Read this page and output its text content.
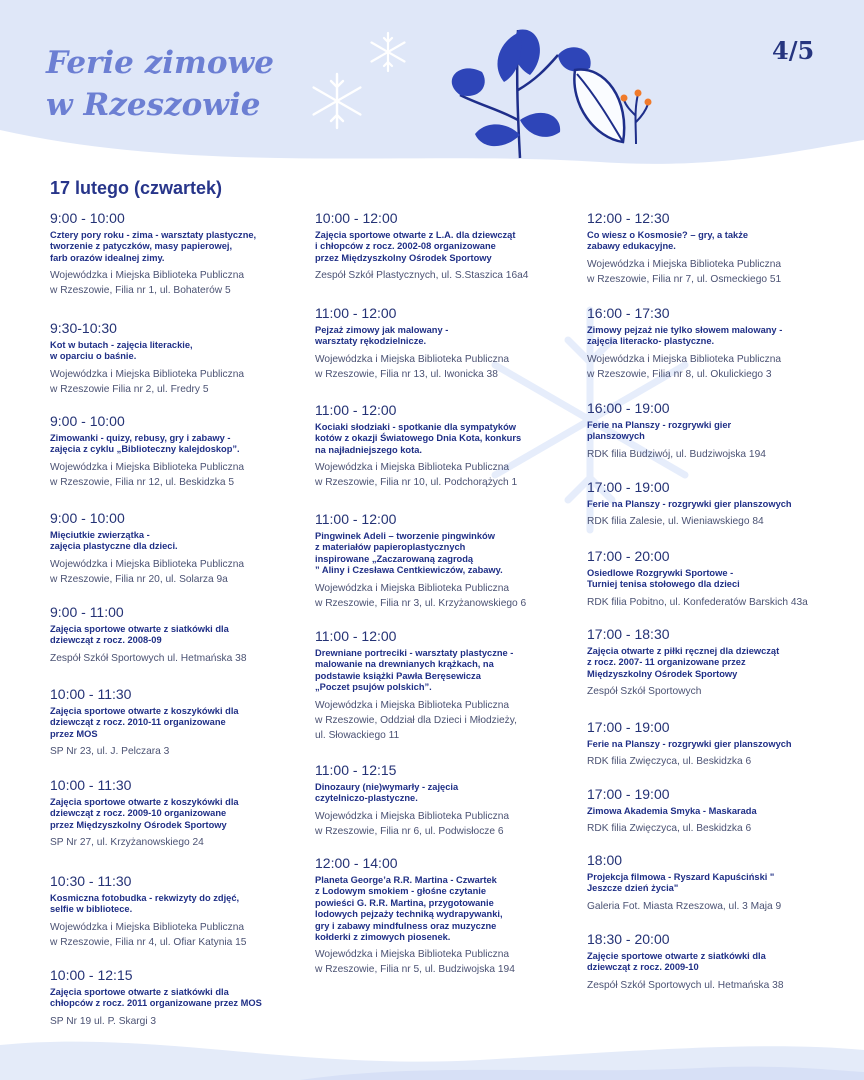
Ferie zimowe
w Rzeszowie
4/5
17 lutego (czwartek)
9:00 - 10:00
Cztery pory roku - zima - warsztaty plastyczne,
tworzenie z patyczków, masy papierowej,
farb orazów idealnej zimy.
Wojewódzka i Miejska Biblioteka Publiczna
w Rzeszowie, Filia nr 1, ul. Bohaterów 5
9:30-10:30
Kot w butach - zajęcia literackie,
w oparciu o baśnie.
Wojewódzka i Miejska Biblioteka Publiczna
w Rzeszowie Filia nr 2, ul. Fredry 5
9:00 - 10:00
Zimowanki - quizy, rebusy, gry i zabawy -
zajęcia z cyklu „Biblioteczny kalejdoskop”.
Wojewódzka i Miejska Biblioteka Publiczna
w Rzeszowie, Filia nr 12, ul. Beskidzka 5
9:00 - 10:00
Mięciutkie zwierzątka -
zajęcia plastyczne dla dzieci.
Wojewódzka i Miejska Biblioteka Publiczna
w Rzeszowie, Filia nr 20, ul. Solarza 9a
9:00 - 11:00
Zajęcia sportowe otwarte z siatkówki dla
dziewcząt z rocz. 2008-09
Zespół Szkół Sportowych ul. Hetmańska 38
10:00 - 11:30
Zajęcia sportowe otwarte z koszykówki dla
dziewcząt z rocz. 2010-11 organizowane
przez MOS
SP Nr 23, ul. J. Pelczara 3
10:00 - 11:30
Zajęcia sportowe otwarte z koszykówki dla
dziewcząt z rocz. 2009-10 organizowane
przez Międzyszkolny Ośrodek Sportowy
SP Nr 27, ul. Krzyżanowskiego 24
10:30 - 11:30
Kosmiczna fotobudka - rekwizyty do zdjęć,
selfie w bibliotece.
Wojewódzka i Miejska Biblioteka Publiczna
w Rzeszowie, Filia nr 4, ul. Ofiar Katynia 15
10:00 - 12:15
Zajęcia sportowe otwarte z siatkówki dla
chłopców z rocz. 2011 organizowane przez MOS
SP Nr 19 ul. P. Skargi 3
10:00 - 12:00
Zajęcia sportowe otwarte z L.A. dla dziewcząt
i chłopców z rocz. 2002-08 organizowane
przez Międzyszkolny Ośrodek Sportowy
Zespół Szkół Plastycznych, ul. S.Staszica 16a4
11:00 - 12:00
Pejzaż zimowy jak malowany -
warsztaty rękodzielnicze.
Wojewódzka i Miejska Biblioteka Publiczna
w Rzeszowie, Filia nr 13, ul. Iwonicka 38
11:00 - 12:00
Kociaki słodziaki - spotkanie dla sympatyków
kotów z okazji Światowego Dnia Kota, konkurs
na najładniejszego kota.
Wojewódzka i Miejska Biblioteka Publiczna
w Rzeszowie, Filia nr 10, ul. Podchorążych 1
11:00 - 12:00
Pingwinek Adeli – tworzenie pingwinków
z materiałów papieroplastycznych
inspirowane „Zaczarowaną zagrodą
” Aliny i Czesława Centkiewiczów, zabawy.
Wojewódzka i Miejska Biblioteka Publiczna
w Rzeszowie, Filia nr 3, ul. Krzyżanowskiego 6
11:00 - 12:00
Drewniane portreciki - warsztaty plastyczne -
malowanie na drewnianych krążkach, na
podstawie książki Pawła Beręsewicza
„Poczet psujów polskich”.
Wojewódzka i Miejska Biblioteka Publiczna
w Rzeszowie, Oddział dla Dzieci i Młodzieży,
ul. Słowackiego 11
11:00 - 12:15
Dinozaury (nie)wymarły - zajęcia
czytelniczo-plastyczne.
Wojewódzka i Miejska Biblioteka Publiczna
w Rzeszowie, Filia nr 6, ul. Podwisłocze 6
12:00 - 14:00
Planeta George’a R.R. Martina - Czwartek
z Lodowym smokiem - głośne czytanie
powieści G. R.R. Martina, przygotowanie
lodowych pejzaży techniką wydrapywanki,
gry i zabawy mindfulness oraz muzyczne
kołderki z zimowych piosenek.
Wojewódzka i Miejska Biblioteka Publiczna
w Rzeszowie, Filia nr 5, ul. Budziwojska 194
12:00 - 12:30
Co wiesz o Kosmosie? – gry, a także
zabawy edukacyjne.
Wojewódzka i Miejska Biblioteka Publiczna
w Rzeszowie, Filia nr 7, ul. Osmeckiego 51
16:00 - 17:30
Zimowy pejzaż nie tylko słowem malowany -
zajęcia literacko- plastyczne.
Wojewódzka i Miejska Biblioteka Publiczna
w Rzeszowie, Filia nr 8, ul. Okulickiego 3
16:00 - 19:00
Ferie na Planszy - rozgrywki gier
planszowych
RDK filia Budziwój, ul. Budziwojska 194
17:00 - 19:00
Ferie na Planszy - rozgrywki gier planszowych
RDK filia Zalesie, ul. Wieniawskiego 84
17:00 - 20:00
Osiedlowe Rozgrywki Sportowe -
Turniej tenisa stołowego dla dzieci
RDK filia Pobitno, ul. Konfederatów Barskich 43a
17:00 - 18:30
Zajęcia otwarte z piłki ręcznej dla dziewcząt
z rocz. 2007- 11 organizowane przez
Międzyszkolny Ośrodek Sportowy
Zespół Szkół Sportowych
17:00 - 19:00
Ferie na Planszy - rozgrywki gier planszowych
RDK filia Zwięczyca, ul. Beskidzka 6
17:00 - 19:00
Zimowa Akademia Smyka - Maskarada
RDK filia Zwięczyca, ul. Beskidzka 6
18:00
Projekcja filmowa - Ryszard Kapuściński "
Jeszcze dzień życia"
Galeria Fot. Miasta Rzeszowa, ul. 3 Maja 9
18:30 - 20:00
Zajęcie sportowe otwarte z siatkówki dla
dziewcząt z rocz. 2009-10
Zespół Szkół Sportowych ul. Hetmańska 38
